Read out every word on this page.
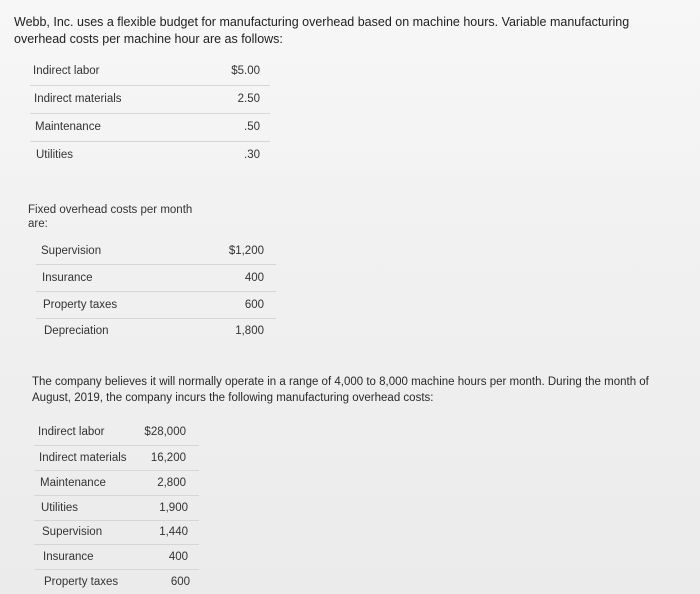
Webb, Inc. uses a flexible budget for manufacturing overhead based on machine hours. Variable manufacturing overhead costs per machine hour are as follows:
Indirect labor	$5.00
Indirect materials	2.50
Maintenance	.50
Utilities	.30
Fixed overhead costs per month are:
Supervision	$1,200
Insurance	400
Property taxes	600
Depreciation	1,800
The company believes it will normally operate in a range of 4,000 to 8,000 machine hours per month. During the month of August, 2019, the company incurs the following manufacturing overhead costs:
Indirect labor	$28,000
Indirect materials	16,200
Maintenance	2,800
Utilities	1,900
Supervision	1,440
Insurance	400
Property taxes	600
